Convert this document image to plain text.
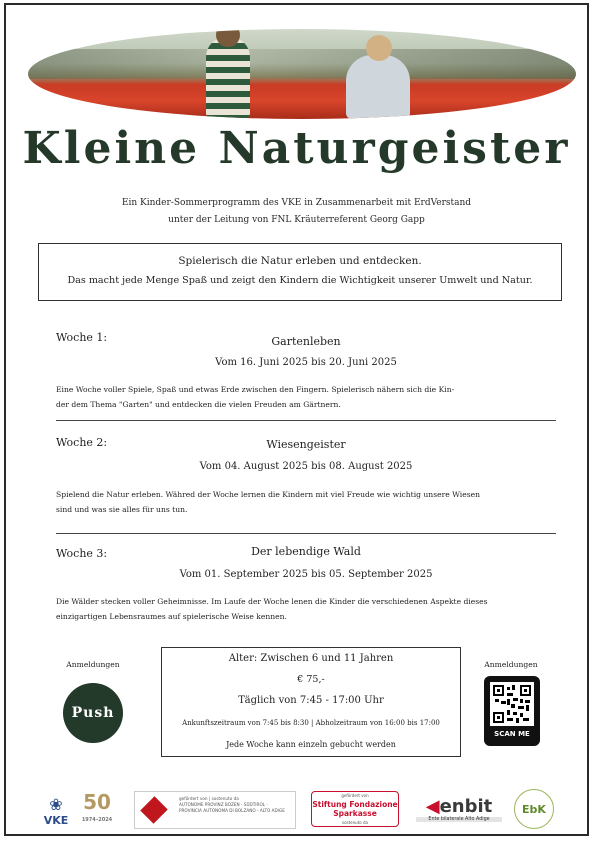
Kleine Naturgeister
Ein Kinder-Sommerprogramm des VKE in Zusammenarbeit mit ErdVerstand
unter der Leitung von FNL Kräuterreferent Georg Gapp
Spielerisch die Natur erleben und entdecken.
Das macht jede Menge Spaß und zeigt den Kindern die Wichtigkeit unserer Umwelt und Natur.
Woche 1:	Gartenleben
Vom 16. Juni 2025 bis 20. Juni 2025
Eine Woche voller Spiele, Spaß und etwas Erde zwischen den Fingern. Spielerisch nähern sich die Kin-
der dem Thema "Garten" und entdecken die vielen Freuden am Gärtnern.
Woche 2:	Wiesengeister
Vom 04. August 2025 bis 08. August 2025
Spielend die Natur erleben. Währed der Woche lernen die Kindern mit viel Freude wie wichtig unsere Wiesen
sind und was sie alles für uns tun.
Woche 3:	Der lebendige Wald
Vom 01. September 2025 bis 05. September 2025
Die Wälder stecken voller Geheimnisse. Im Laufe der Woche lenen die Kinder die verschiedenen Aspekte dieses
einzigartigen Lebensraumes auf spielerische Weise kennen.
Anmeldungen
Push
Alter: Zwischen 6 und 11 Jahren
€ 75,-
Täglich von 7:45 - 17:00 Uhr
Ankunftszeitraum von 7:45 bis 8:30 | Abholzeitraum von 16:00 bis 17:00
Jede Woche kann einzeln gebucht werden
Anmeldungen
SCAN ME
❀
VKE
50
1974–2024
gefördert von | sostenuto da
AUTONOME PROVINZ BOZEN - SÜDTIROL · PROVINCIA AUTONOMA DI BOLZANO - ALTO ADIGE
gefördert von
Stiftung Fondazione Sparkasse
sostenuto da
◀enbit
Ente bilaterale Alto Adige
EbK
